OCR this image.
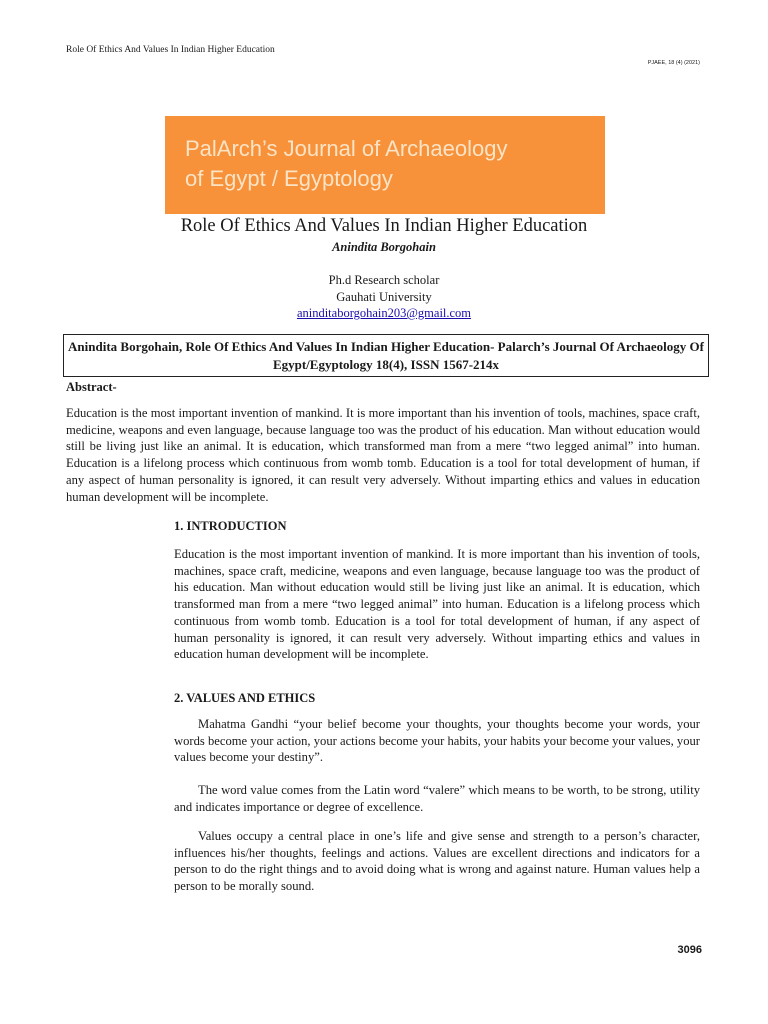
Role Of Ethics And Values In Indian Higher Education
PJAEE, 18 (4) (2021)
PalArch’s Journal of Archaeology
of Egypt / Egyptology
Role Of Ethics And Values In Indian Higher Education
Anindita Borgohain
Ph.d Research scholar
Gauhati University
aninditaborgohain203@gmail.com
Anindita Borgohain, Role Of Ethics And Values In Indian Higher Education- Palarch’s Journal Of Archaeology Of Egypt/Egyptology 18(4), ISSN 1567-214x
Abstract-
Education is the most important invention of mankind. It is more important than his invention of tools, machines, space craft, medicine, weapons and even language, because language too was the product of his education. Man without education would still be living just like an animal. It is education, which transformed man from a mere “two legged animal” into human. Education is a lifelong process which continuous from womb tomb. Education is a tool for total development of human, if any aspect of human personality is ignored, it can result very adversely. Without imparting ethics and values in education human development will be incomplete.
1. INTRODUCTION
Education is the most important invention of mankind. It is more important than his invention of tools, machines, space craft, medicine, weapons and even language, because language too was the product of his education. Man without education would still be living just like an animal. It is education, which transformed man from a mere “two legged animal” into human. Education is a lifelong process which continuous from womb tomb. Education is a tool for total development of human, if any aspect of human personality is ignored, it can result very adversely. Without imparting ethics and values in education human development will be incomplete.
2. VALUES AND ETHICS
Mahatma Gandhi “your belief become your thoughts, your thoughts become your words, your words become your action, your actions become your habits, your habits your become your values, your values become your destiny”.
The word value comes from the Latin word “valere” which means to be worth, to be strong, utility and indicates importance or degree of excellence.
Values occupy a central place in one’s life and give sense and strength to a person’s character, influences his/her thoughts, feelings and actions. Values are excellent directions and indicators for a person to do the right things and to avoid doing what is wrong and against nature. Human values help a person to be morally sound.
3096
